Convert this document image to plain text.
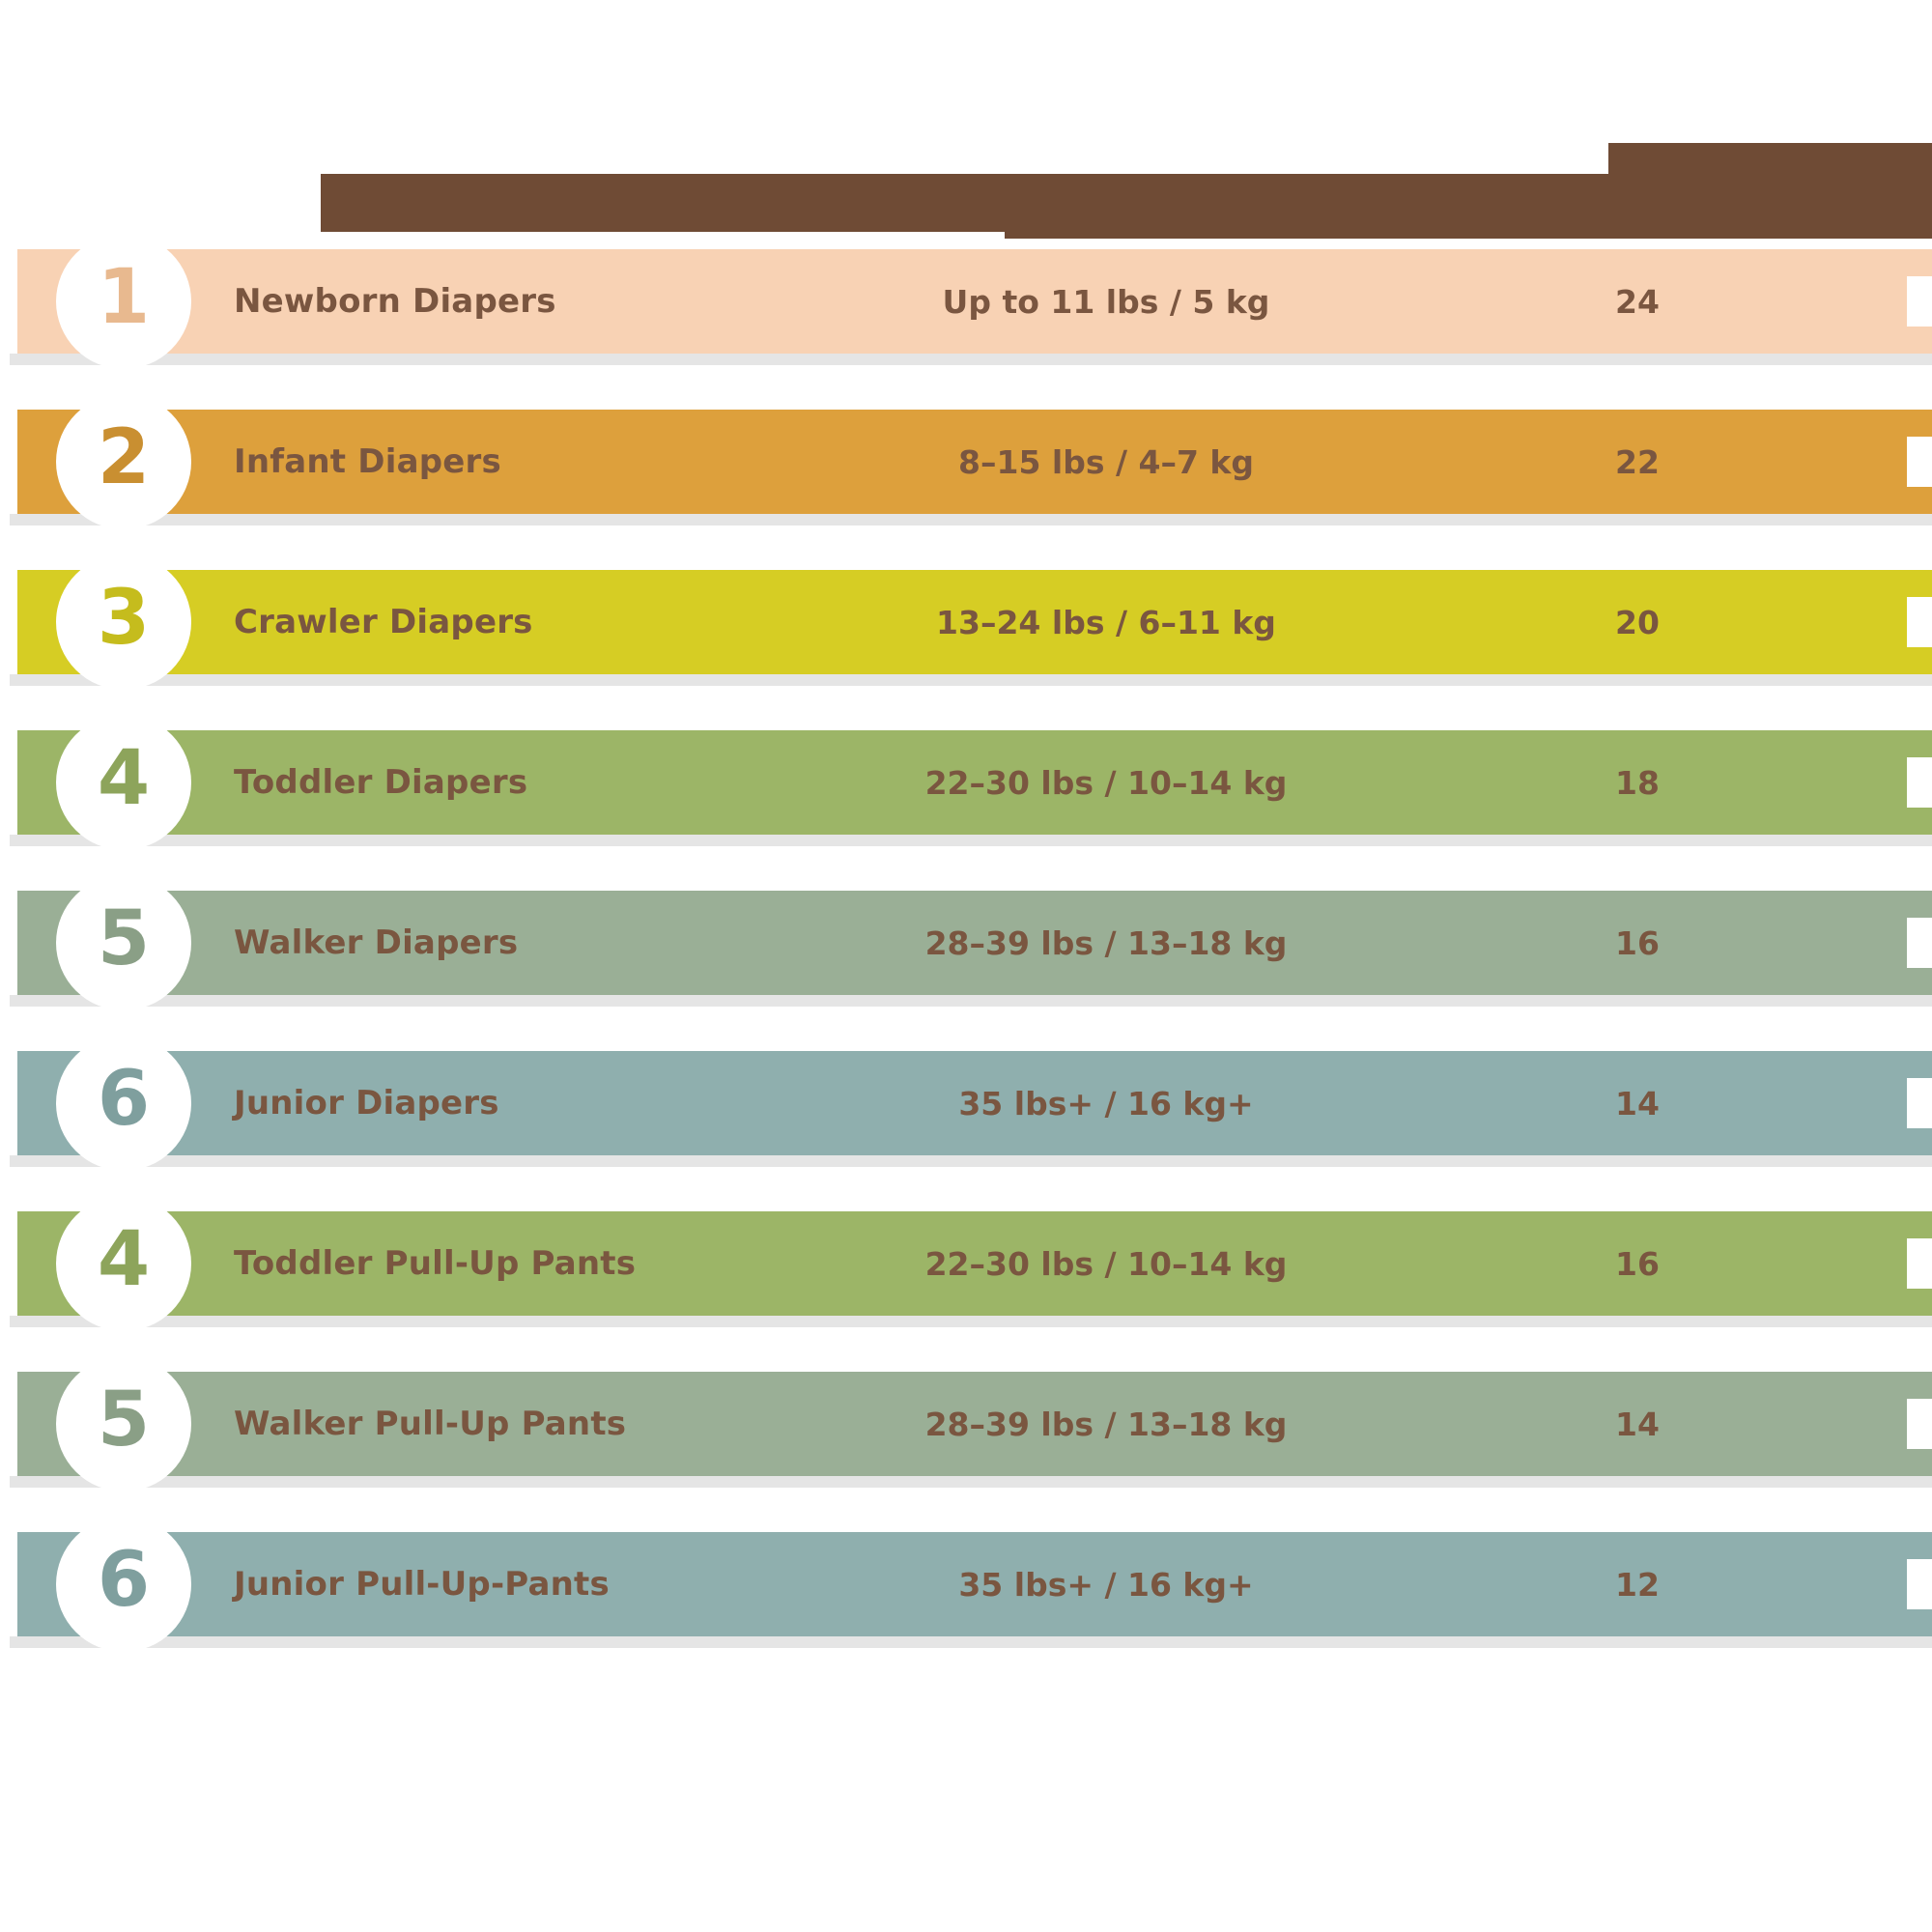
1	Newborn Diapers	Up to 11 lbs / 5 kg	24
2	Infant Diapers	8–15 lbs / 4–7 kg	22
3	Crawler Diapers	13–24 lbs / 6–11 kg	20
4	Toddler Diapers	22–30 lbs / 10–14 kg	18
5	Walker Diapers	28–39 lbs / 13–18 kg	16
6	Junior Diapers	35 lbs+ / 16 kg+	14
4	Toddler Pull-Up Pants	22–30 lbs / 10–14 kg	16
5	Walker Pull-Up Pants	28–39 lbs / 13–18 kg	14
6	Junior Pull-Up-Pants	35 lbs+ / 16 kg+	12
